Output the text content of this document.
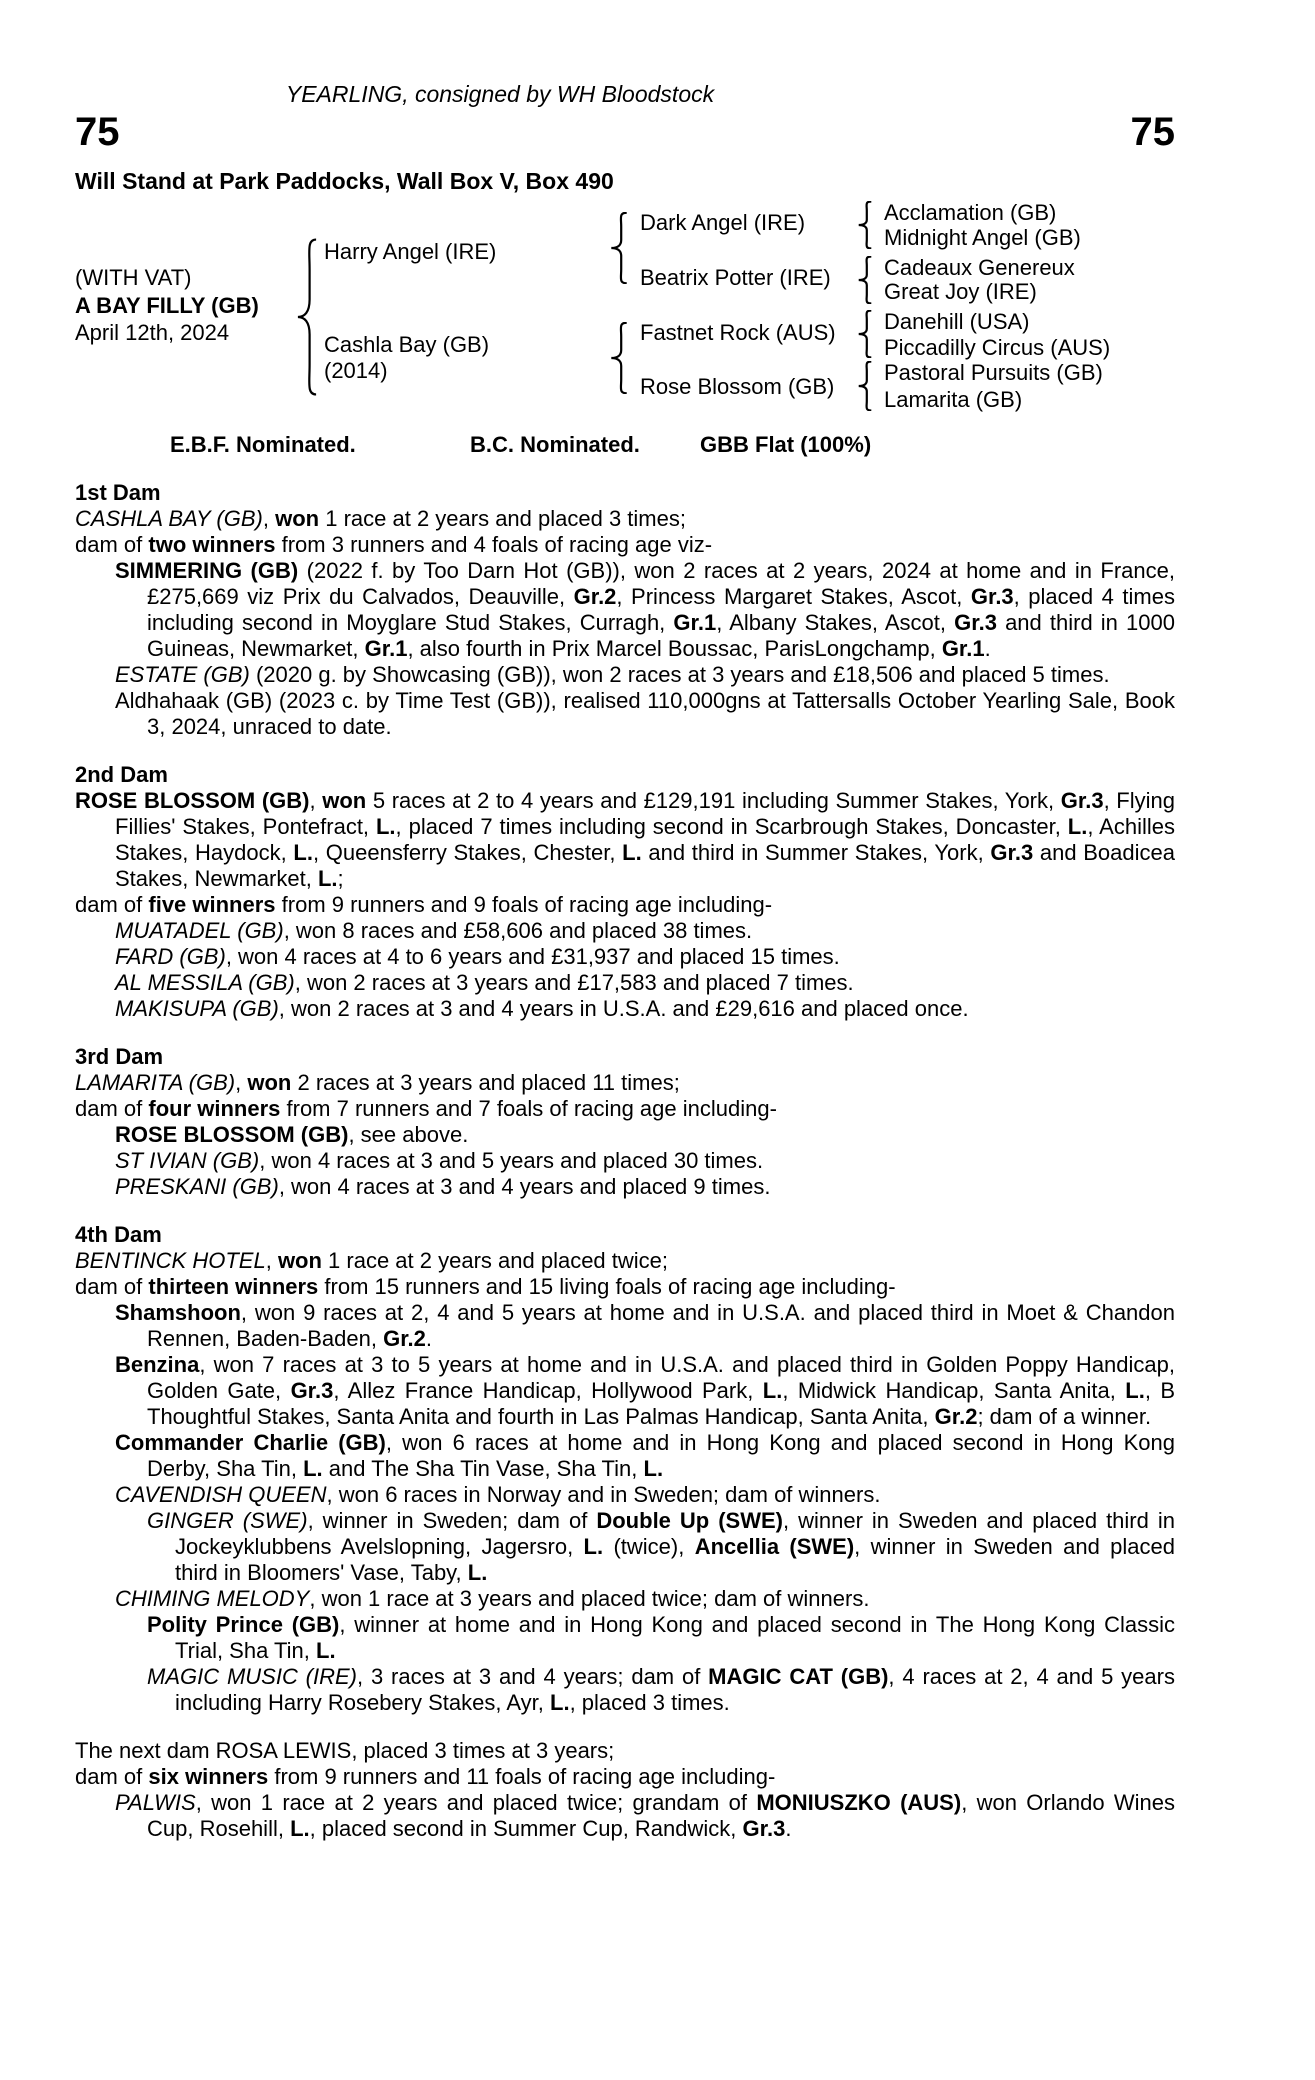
YEARLING, consigned by WH Bloodstock
75	75
Will Stand at Park Paddocks, Wall Box V, Box 490
(WITH VAT)
A BAY FILLY (GB)
April 12th, 2024
Harry Angel (IRE)
Cashla Bay (GB)
(2014)
Dark Angel (IRE)
Beatrix Potter (IRE)
Fastnet Rock (AUS)
Rose Blossom (GB)
Acclamation (GB)
Midnight Angel (GB)
Cadeaux Genereux
Great Joy (IRE)
Danehill (USA)
Piccadilly Circus (AUS)
Pastoral Pursuits (GB)
Lamarita (GB)
E.B.F. Nominated.	B.C. Nominated.	GBB Flat (100%)
1st Dam

CASHLA BAY (GB), won 1 race at 2 years and placed 3 times;

dam of two winners from 3 runners and 4 foals of racing age viz-

SIMMERING (GB) (2022 f. by Too Darn Hot (GB)), won 2 races at 2 years, 2024 at home and in France, £275,669 viz Prix du Calvados, Deauville, Gr.2, Princess Margaret Stakes, Ascot, Gr.3, placed 4 times including second in Moyglare Stud Stakes, Curragh, Gr.1, Albany Stakes, Ascot, Gr.3 and third in 1000 Guineas, Newmarket, Gr.1, also fourth in Prix Marcel Boussac, ParisLongchamp, Gr.1.

ESTATE (GB) (2020 g. by Showcasing (GB)), won 2 races at 3 years and £18,506 and placed 5 times.

Aldhahaak (GB) (2023 c. by Time Test (GB)), realised 110,000gns at Tattersalls October Yearling Sale, Book 3, 2024, unraced to date.

2nd Dam

ROSE BLOSSOM (GB), won 5 races at 2 to 4 years and £129,191 including Summer Stakes, York, Gr.3, Flying Fillies' Stakes, Pontefract, L., placed 7 times including second in Scarbrough Stakes, Doncaster, L., Achilles Stakes, Haydock, L., Queensferry Stakes, Chester, L. and third in Summer Stakes, York, Gr.3 and Boadicea Stakes, Newmarket, L.;

dam of five winners from 9 runners and 9 foals of racing age including-

MUATADEL (GB), won 8 races and £58,606 and placed 38 times.

FARD (GB), won 4 races at 4 to 6 years and £31,937 and placed 15 times.

AL MESSILA (GB), won 2 races at 3 years and £17,583 and placed 7 times.

MAKISUPA (GB), won 2 races at 3 and 4 years in U.S.A. and £29,616 and placed once.

3rd Dam

LAMARITA (GB), won 2 races at 3 years and placed 11 times;

dam of four winners from 7 runners and 7 foals of racing age including-

ROSE BLOSSOM (GB), see above.

ST IVIAN (GB), won 4 races at 3 and 5 years and placed 30 times.

PRESKANI (GB), won 4 races at 3 and 4 years and placed 9 times.

4th Dam

BENTINCK HOTEL, won 1 race at 2 years and placed twice;

dam of thirteen winners from 15 runners and 15 living foals of racing age including-

Shamshoon, won 9 races at 2, 4 and 5 years at home and in U.S.A. and placed third in Moet & Chandon Rennen, Baden-Baden, Gr.2.

Benzina, won 7 races at 3 to 5 years at home and in U.S.A. and placed third in Golden Poppy Handicap, Golden Gate, Gr.3, Allez France Handicap, Hollywood Park, L., Midwick Handicap, Santa Anita, L., B Thoughtful Stakes, Santa Anita and fourth in Las Palmas Handicap, Santa Anita, Gr.2; dam of a winner.

Commander Charlie (GB), won 6 races at home and in Hong Kong and placed second in Hong Kong Derby, Sha Tin, L. and The Sha Tin Vase, Sha Tin, L.

CAVENDISH QUEEN, won 6 races in Norway and in Sweden; dam of winners.

GINGER (SWE), winner in Sweden; dam of Double Up (SWE), winner in Sweden and placed third in Jockeyklubbens Avelslopning, Jagersro, L. (twice), Ancellia (SWE), winner in Sweden and placed third in Bloomers' Vase, Taby, L.

CHIMING MELODY, won 1 race at 3 years and placed twice; dam of winners.

Polity Prince (GB), winner at home and in Hong Kong and placed second in The Hong Kong Classic Trial, Sha Tin, L.

MAGIC MUSIC (IRE), 3 races at 3 and 4 years; dam of MAGIC CAT (GB), 4 races at 2, 4 and 5 years including Harry Rosebery Stakes, Ayr, L., placed 3 times.

The next dam ROSA LEWIS, placed 3 times at 3 years;

dam of six winners from 9 runners and 11 foals of racing age including-

PALWIS, won 1 race at 2 years and placed twice; grandam of MONIUSZKO (AUS), won Orlando Wines Cup, Rosehill, L., placed second in Summer Cup, Randwick, Gr.3.
